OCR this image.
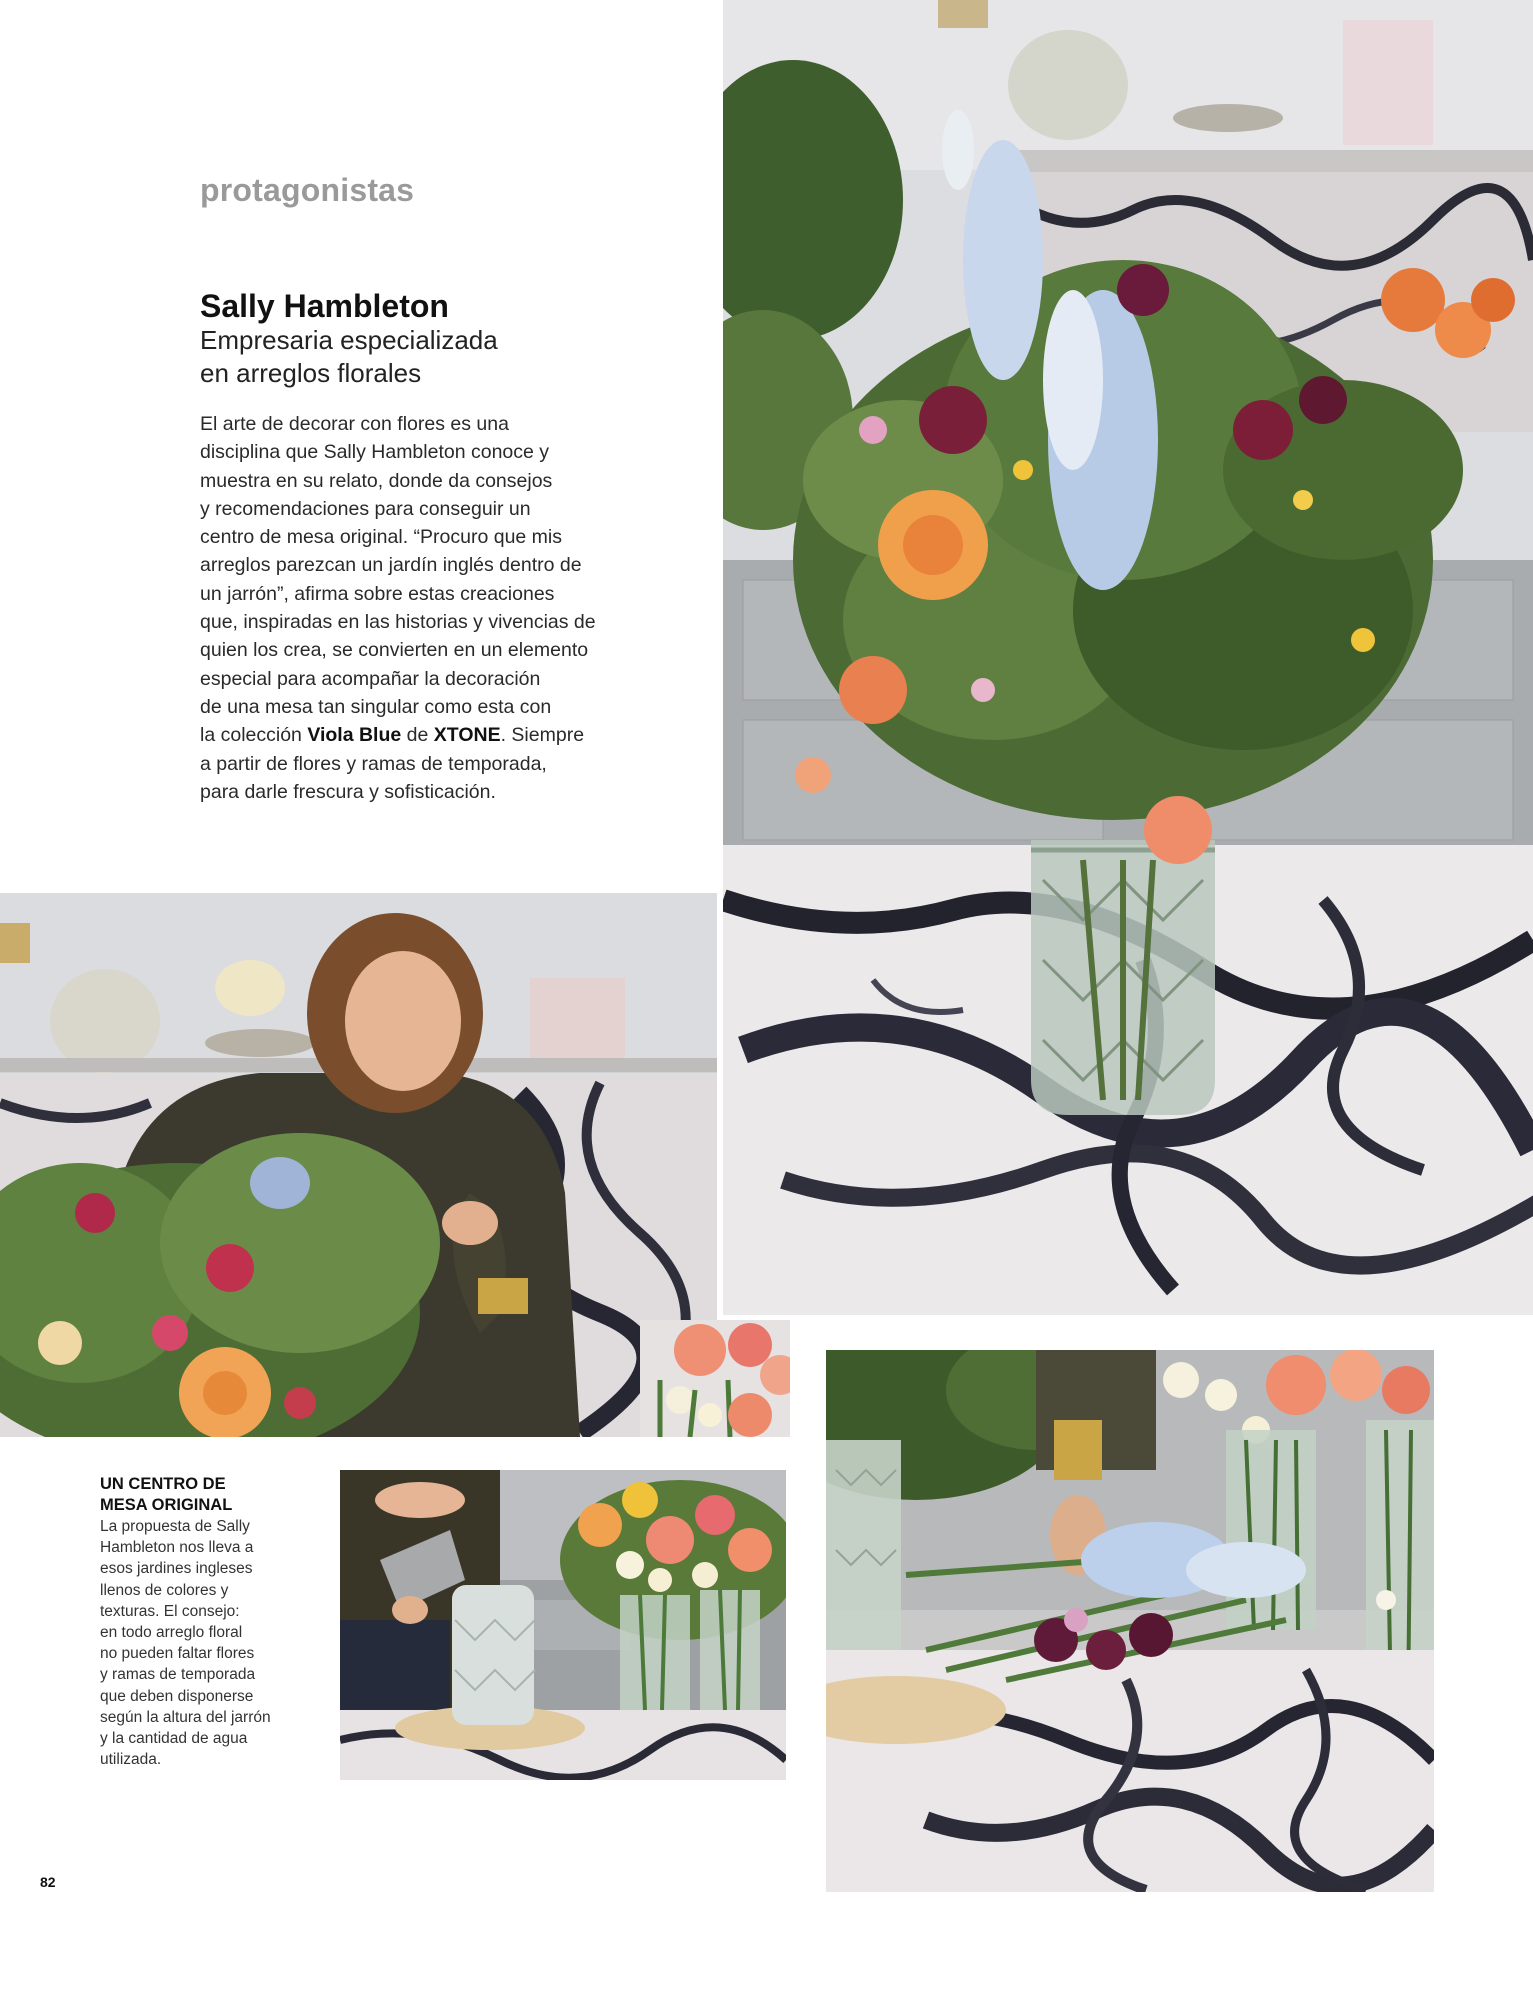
protagonistas
Sally Hambleton
Empresaria especializada
en arreglos florales
El arte de decorar con flores es una
disciplina que Sally Hambleton conoce y
muestra en su relato, donde da consejos
y recomendaciones para conseguir un
centro de mesa original. “Procuro que mis
arreglos parezcan un jardín inglés dentro de
un jarrón”, afirma sobre estas creaciones
que, inspiradas en las historias y vivencias de
quien los crea, se convierten en un elemento
especial para acompañar la decoración
de una mesa tan singular como esta con
la colección Viola Blue de XTONE. Siempre
a partir de flores y ramas de temporada,
para darle frescura y sofisticación.
UN CENTRO DE
MESA ORIGINAL
La propuesta de Sally
Hambleton nos lleva a
esos jardines ingleses
llenos de colores y
texturas. El consejo:
en todo arreglo floral
no pueden faltar flores
y ramas de temporada
que deben disponerse
según la altura del jarrón
y la cantidad de agua
utilizada.
82
